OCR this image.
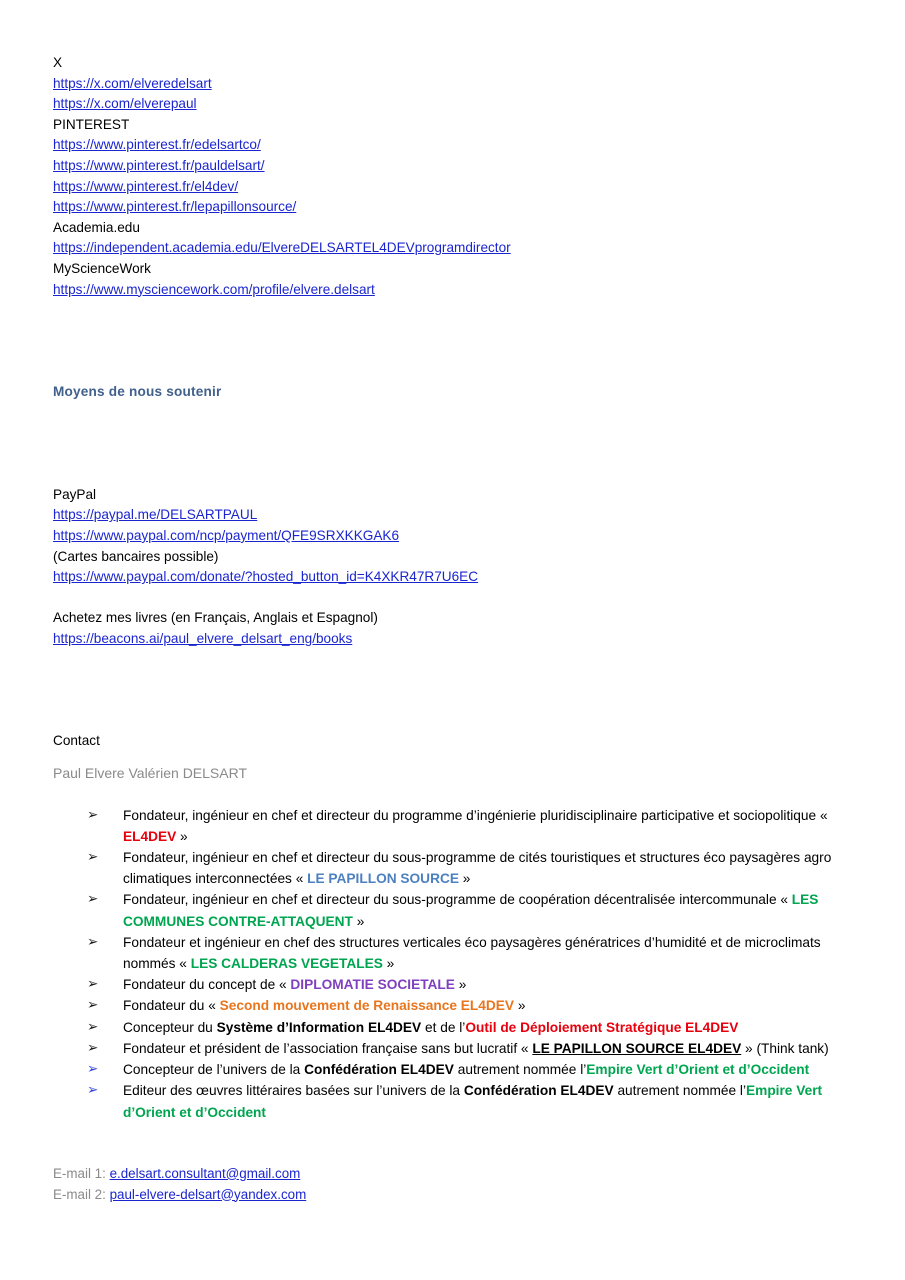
X
https://x.com/elveredelsart
https://x.com/elverepaul
PINTEREST
https://www.pinterest.fr/edelsartco/
https://www.pinterest.fr/pauldelsart/
https://www.pinterest.fr/el4dev/
https://www.pinterest.fr/lepapillonsource/
Academia.edu
https://independent.academia.edu/ElvereDELSARTEL4DEVprogramdirector
MyScienceWork
https://www.mysciencework.com/profile/elvere.delsart
Moyens de nous soutenir
PayPal
https://paypal.me/DELSARTPAUL
https://www.paypal.com/ncp/payment/QFE9SRXKKGAK6
(Cartes bancaires possible)
https://www.paypal.com/donate/?hosted_button_id=K4XKR47R7U6EC
Achetez mes livres (en Français, Anglais et Espagnol)
https://beacons.ai/paul_elvere_delsart_eng/books
Contact
Paul Elvere Valérien DELSART
➢	Fondateur, ingénieur en chef et directeur du programme d’ingénierie pluridisciplinaire participative et sociopolitique « EL4DEV »
➢	Fondateur, ingénieur en chef et directeur du sous-programme de cités touristiques et structures éco paysagères agro climatiques interconnectées « LE PAPILLON SOURCE »
➢	Fondateur, ingénieur en chef et directeur du sous-programme de coopération décentralisée intercommunale « LES COMMUNES CONTRE-ATTAQUENT »
➢	Fondateur et ingénieur en chef des structures verticales éco paysagères génératrices d’humidité et de microclimats nommés « LES CALDERAS VEGETALES »
➢	Fondateur du concept de « DIPLOMATIE SOCIETALE »
➢	Fondateur du « Second mouvement de Renaissance EL4DEV »
➢	Concepteur du Système d’Information EL4DEV et de l’Outil de Déploiement Stratégique EL4DEV
➢	Fondateur et président de l’association française sans but lucratif « LE PAPILLON SOURCE EL4DEV » (Think tank)
➢	Concepteur de l’univers de la Confédération EL4DEV autrement nommée l’Empire Vert d’Orient et d’Occident
➢	Editeur des œuvres littéraires basées sur l’univers de la Confédération EL4DEV autrement nommée l’Empire Vert d’Orient et d’Occident
E-mail 1: e.delsart.consultant@gmail.com
E-mail 2: paul-elvere-delsart@yandex.com
